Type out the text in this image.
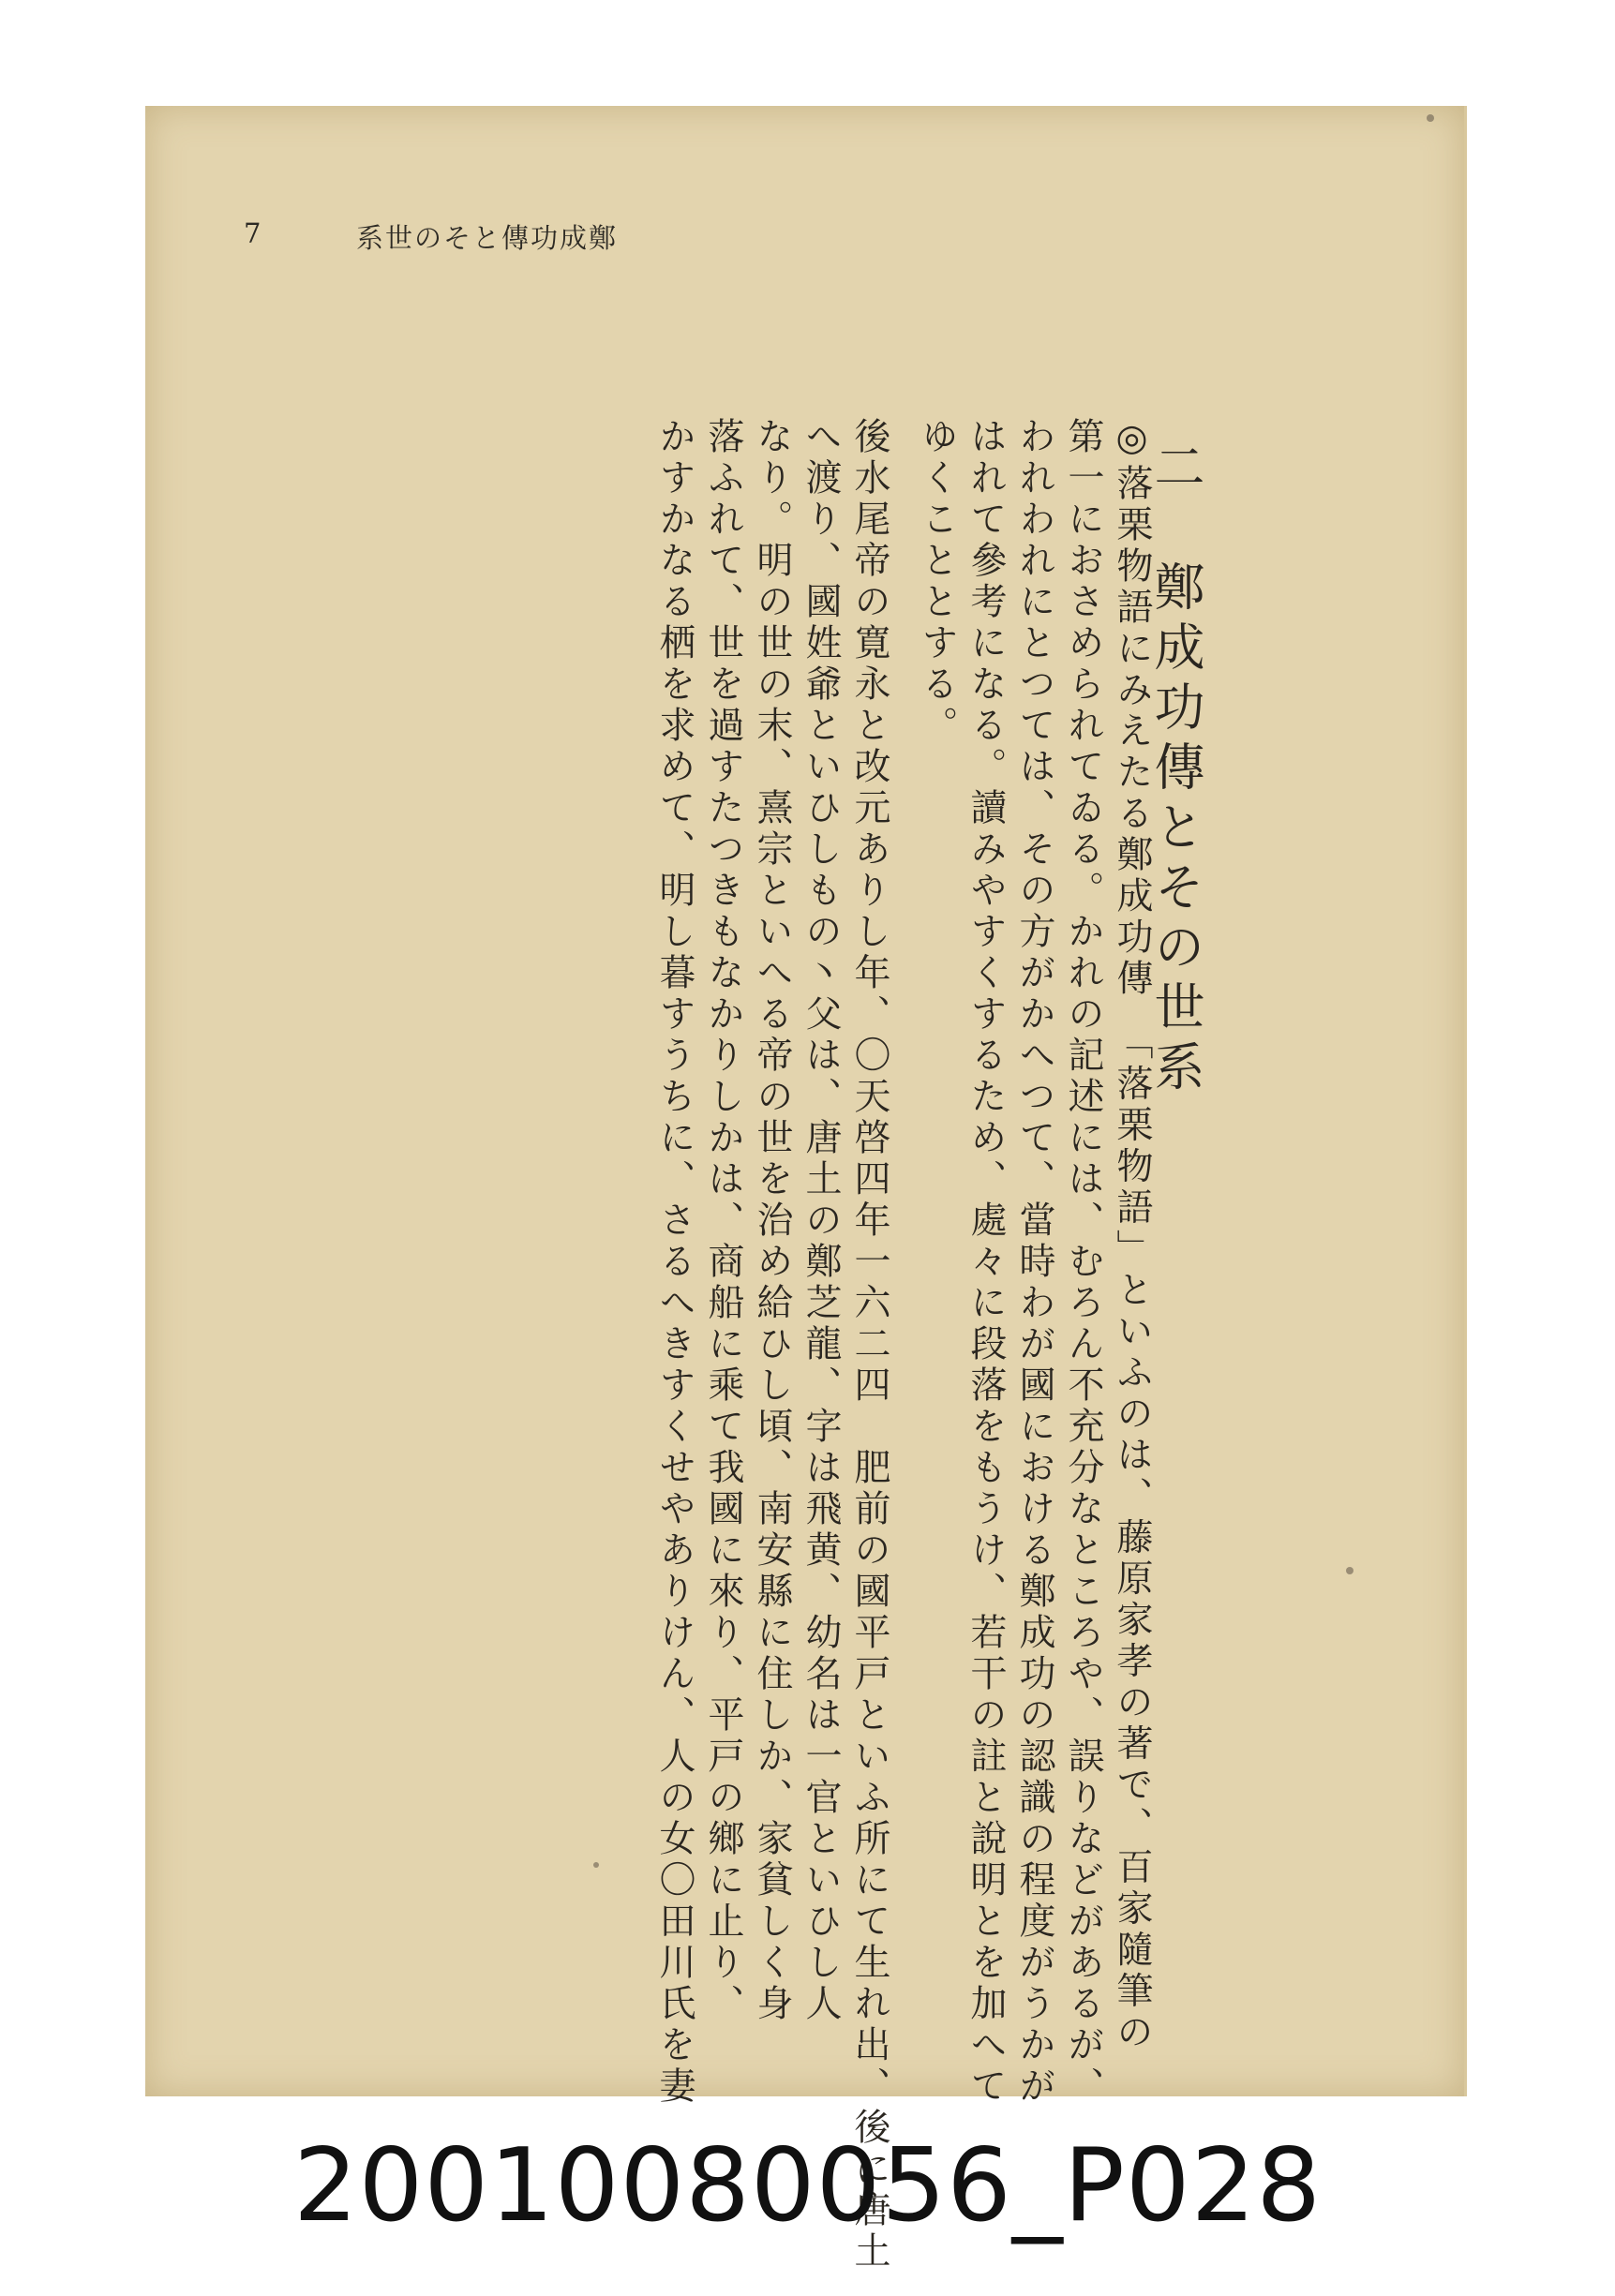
7	鄭成功傳とその世系
二　鄭成功傳とその世系
◎落栗物語にみえたる鄭成功傳　「落栗物語」といふのは、藤原家孝の著で、百家隨筆の
第一におさめられてゐる。かれの記述には、むろん不充分なところや、誤りなどがあるが、
われわれにとつては、その方がかへつて、當時わが國における鄭成功の認識の程度がうかが
はれて參考になる。讀みやすくするため、處々に段落をもうけ、若干の註と說明とを加へて
ゆくこととする。
後水尾帝の寛永と改元ありし年、〇天啓四年一六二四　肥前の國平戸といふ所にて生れ出、後に唐土
へ渡り、國姓爺といひしもの丶父は、唐土の鄭芝龍、字は飛黄、幼名は一官といひし人
なり。明の世の末、熹宗といへる帝の世を治め給ひし頃、南安縣に住しか、家貧しく身
落ふれて、世を過すたつきもなかりしかは、商船に乘て我國に來り、平戸の鄉に止り、
かすかなる栖を求めて、明し暮すうちに、さるへきすくせやありけん、人の女〇田川氏を妻
20010080056_P028
